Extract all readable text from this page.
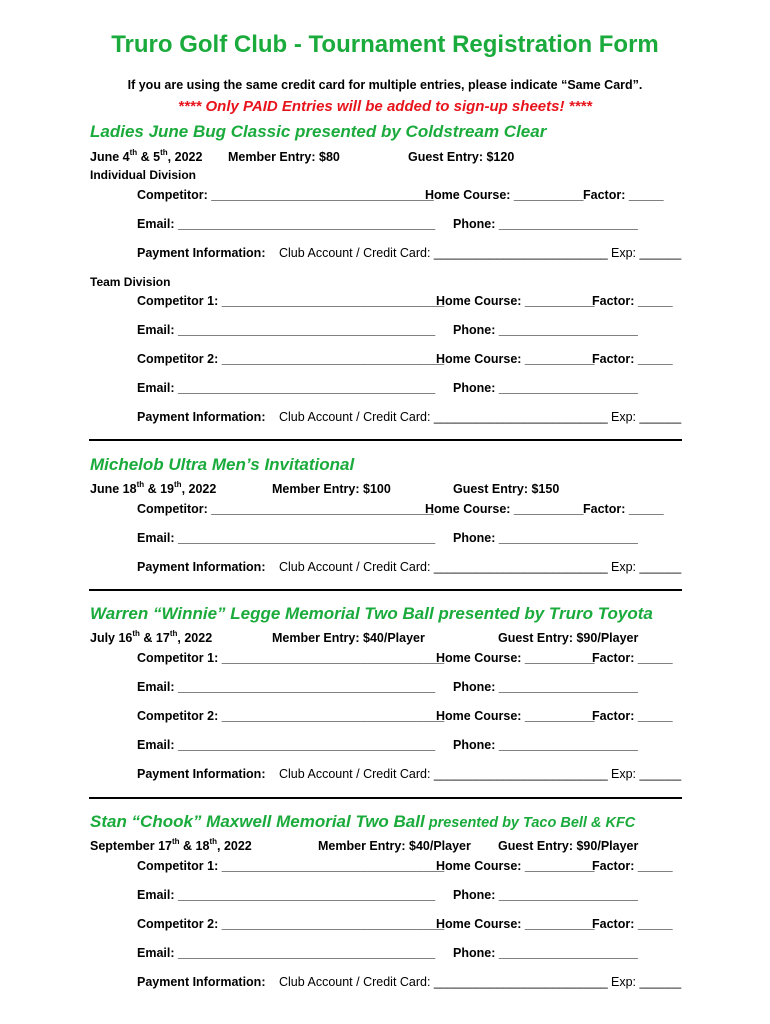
Truro Golf Club - Tournament Registration Form
If you are using the same credit card for multiple entries, please indicate “Same Card”.
**** Only PAID Entries will be added to sign-up sheets! ****
Ladies June Bug Classic presented by Coldstream Clear
June 4th & 5th, 2022 Member Entry: $80	Guest Entry: $120
Individual Division
Competitor: ________________________________
Home Course: __________ Factor: _____
Email: _____________________________________ Phone: ____________________
Payment Information: Club Account / Credit Card: _________________________ Exp: ______
Team Division
Competitor 1: ________________________________
Home Course: __________
Factor: _____
Email: _____________________________________ Phone: ____________________
Competitor 2: ________________________________
Home Course: __________
Factor: _____
Email: _____________________________________ Phone: ____________________
Payment Information: Club Account / Credit Card: _________________________ Exp: ______
Michelob Ultra Men’s Invitational
June 18th & 19th, 2022	Member Entry: $100	Guest Entry: $150
Competitor: ________________________________
Home Course: __________ Factor: _____
Email: _____________________________________ Phone: ____________________
Payment Information: Club Account / Credit Card: _________________________ Exp: ______
Warren “Winnie” Legge Memorial Two Ball presented by Truro Toyota
July 16th & 17th, 2022	Member Entry: $40/Player	Guest Entry: $90/Player
Competitor 1: ________________________________
Home Course: __________
Factor: _____
Email: _____________________________________ Phone: ____________________
Competitor 2: ________________________________
Home Course: __________
Factor: _____
Email: _____________________________________ Phone: ____________________
Payment Information: Club Account / Credit Card: _________________________ Exp: ______
Stan “Chook” Maxwell Memorial Two Ball presented by Taco Bell & KFC
September 17th & 18th, 2022	Member Entry: $40/Player Guest Entry: $90/Player
Competitor 1: ________________________________
Home Course: __________
Factor: _____
Email: _____________________________________ Phone: ____________________
Competitor 2: ________________________________
Home Course: __________
Factor: _____
Email: _____________________________________ Phone: ____________________
Payment Information: Club Account / Credit Card: _________________________ Exp: ______
